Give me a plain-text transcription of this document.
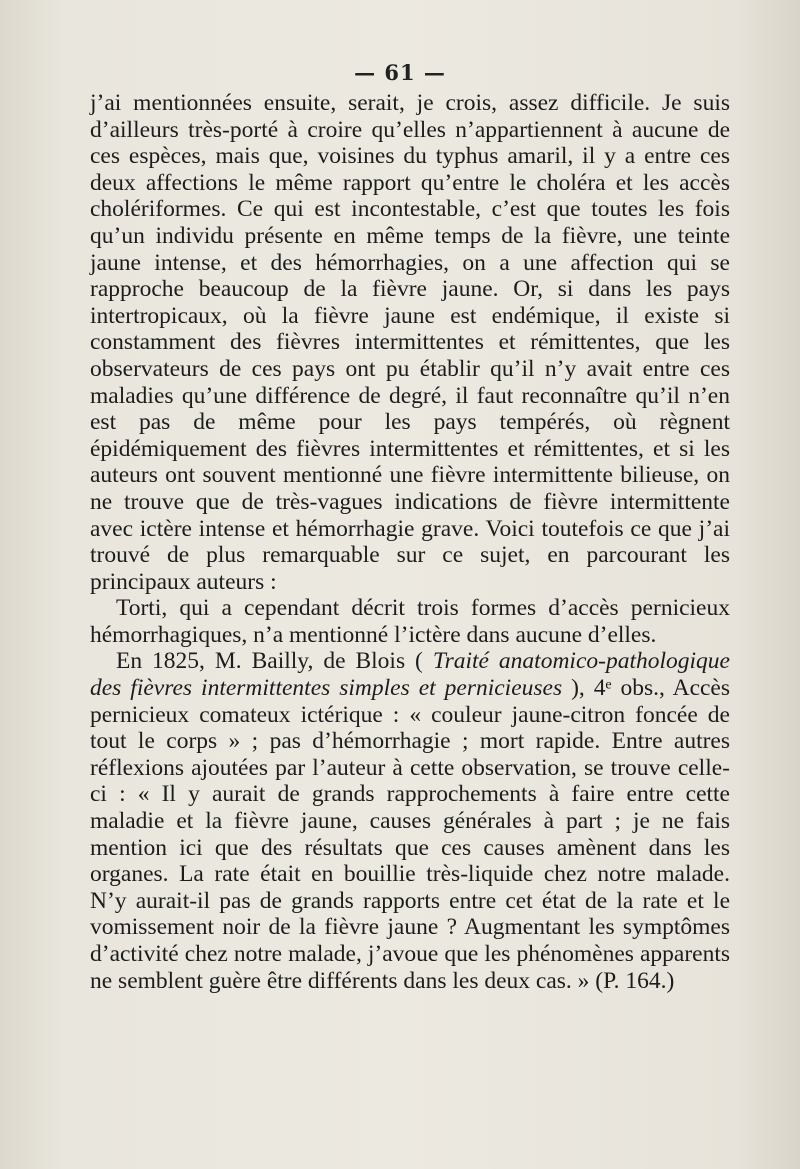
— 61 —

j’ai mentionnées ensuite, serait, je crois, assez difficile. Je suis d’ailleurs très-porté à croire qu’elles n’appartiennent à aucune de ces espèces, mais que, voisines du typhus amaril, il y a entre ces deux affections le même rapport qu’entre le choléra et les accès cholériformes. Ce qui est incontestable, c’est que toutes les fois qu’un individu présente en même temps de la fièvre, une teinte jaune intense, et des hémorrhagies, on a une affection qui se rapproche beaucoup de la fièvre jaune. Or, si dans les pays intertropicaux, où la fièvre jaune est endémique, il existe si constamment des fièvres intermittentes et rémittentes, que les observateurs de ces pays ont pu établir qu’il n’y avait entre ces maladies qu’une différence de degré, il faut reconnaître qu’il n’en est pas de même pour les pays tempérés, où règnent épidémiquement des fièvres intermittentes et rémittentes, et si les auteurs ont souvent mentionné une fièvre intermittente bilieuse, on ne trouve que de très-vagues indications de fièvre intermittente avec ictère intense et hémorrhagie grave. Voici toutefois ce que j’ai trouvé de plus remarquable sur ce sujet, en parcourant les principaux auteurs :

Torti, qui a cependant décrit trois formes d’accès pernicieux hémorrhagiques, n’a mentionné l’ictère dans aucune d’elles.

En 1825, M. Bailly, de Blois ( Traité anatomico-pathologique des fièvres intermittentes simples et pernicieuses ), 4ᵉ obs., Accès pernicieux comateux ictérique : « couleur jaune-citron foncée de tout le corps » ; pas d’hémorrhagie ; mort rapide. Entre autres réflexions ajoutées par l’auteur à cette observation, se trouve celle-ci : « Il y aurait de grands rapprochements à faire entre cette maladie et la fièvre jaune, causes générales à part ; je ne fais mention ici que des résultats que ces causes amènent dans les organes. La rate était en bouillie très-liquide chez notre malade. N’y aurait-il pas de grands rapports entre cet état de la rate et le vomissement noir de la fièvre jaune ? Augmentant les symptômes d’activité chez notre malade, j’avoue que les phénomènes apparents ne semblent guère être différents dans les deux cas. » (P. 164.)
